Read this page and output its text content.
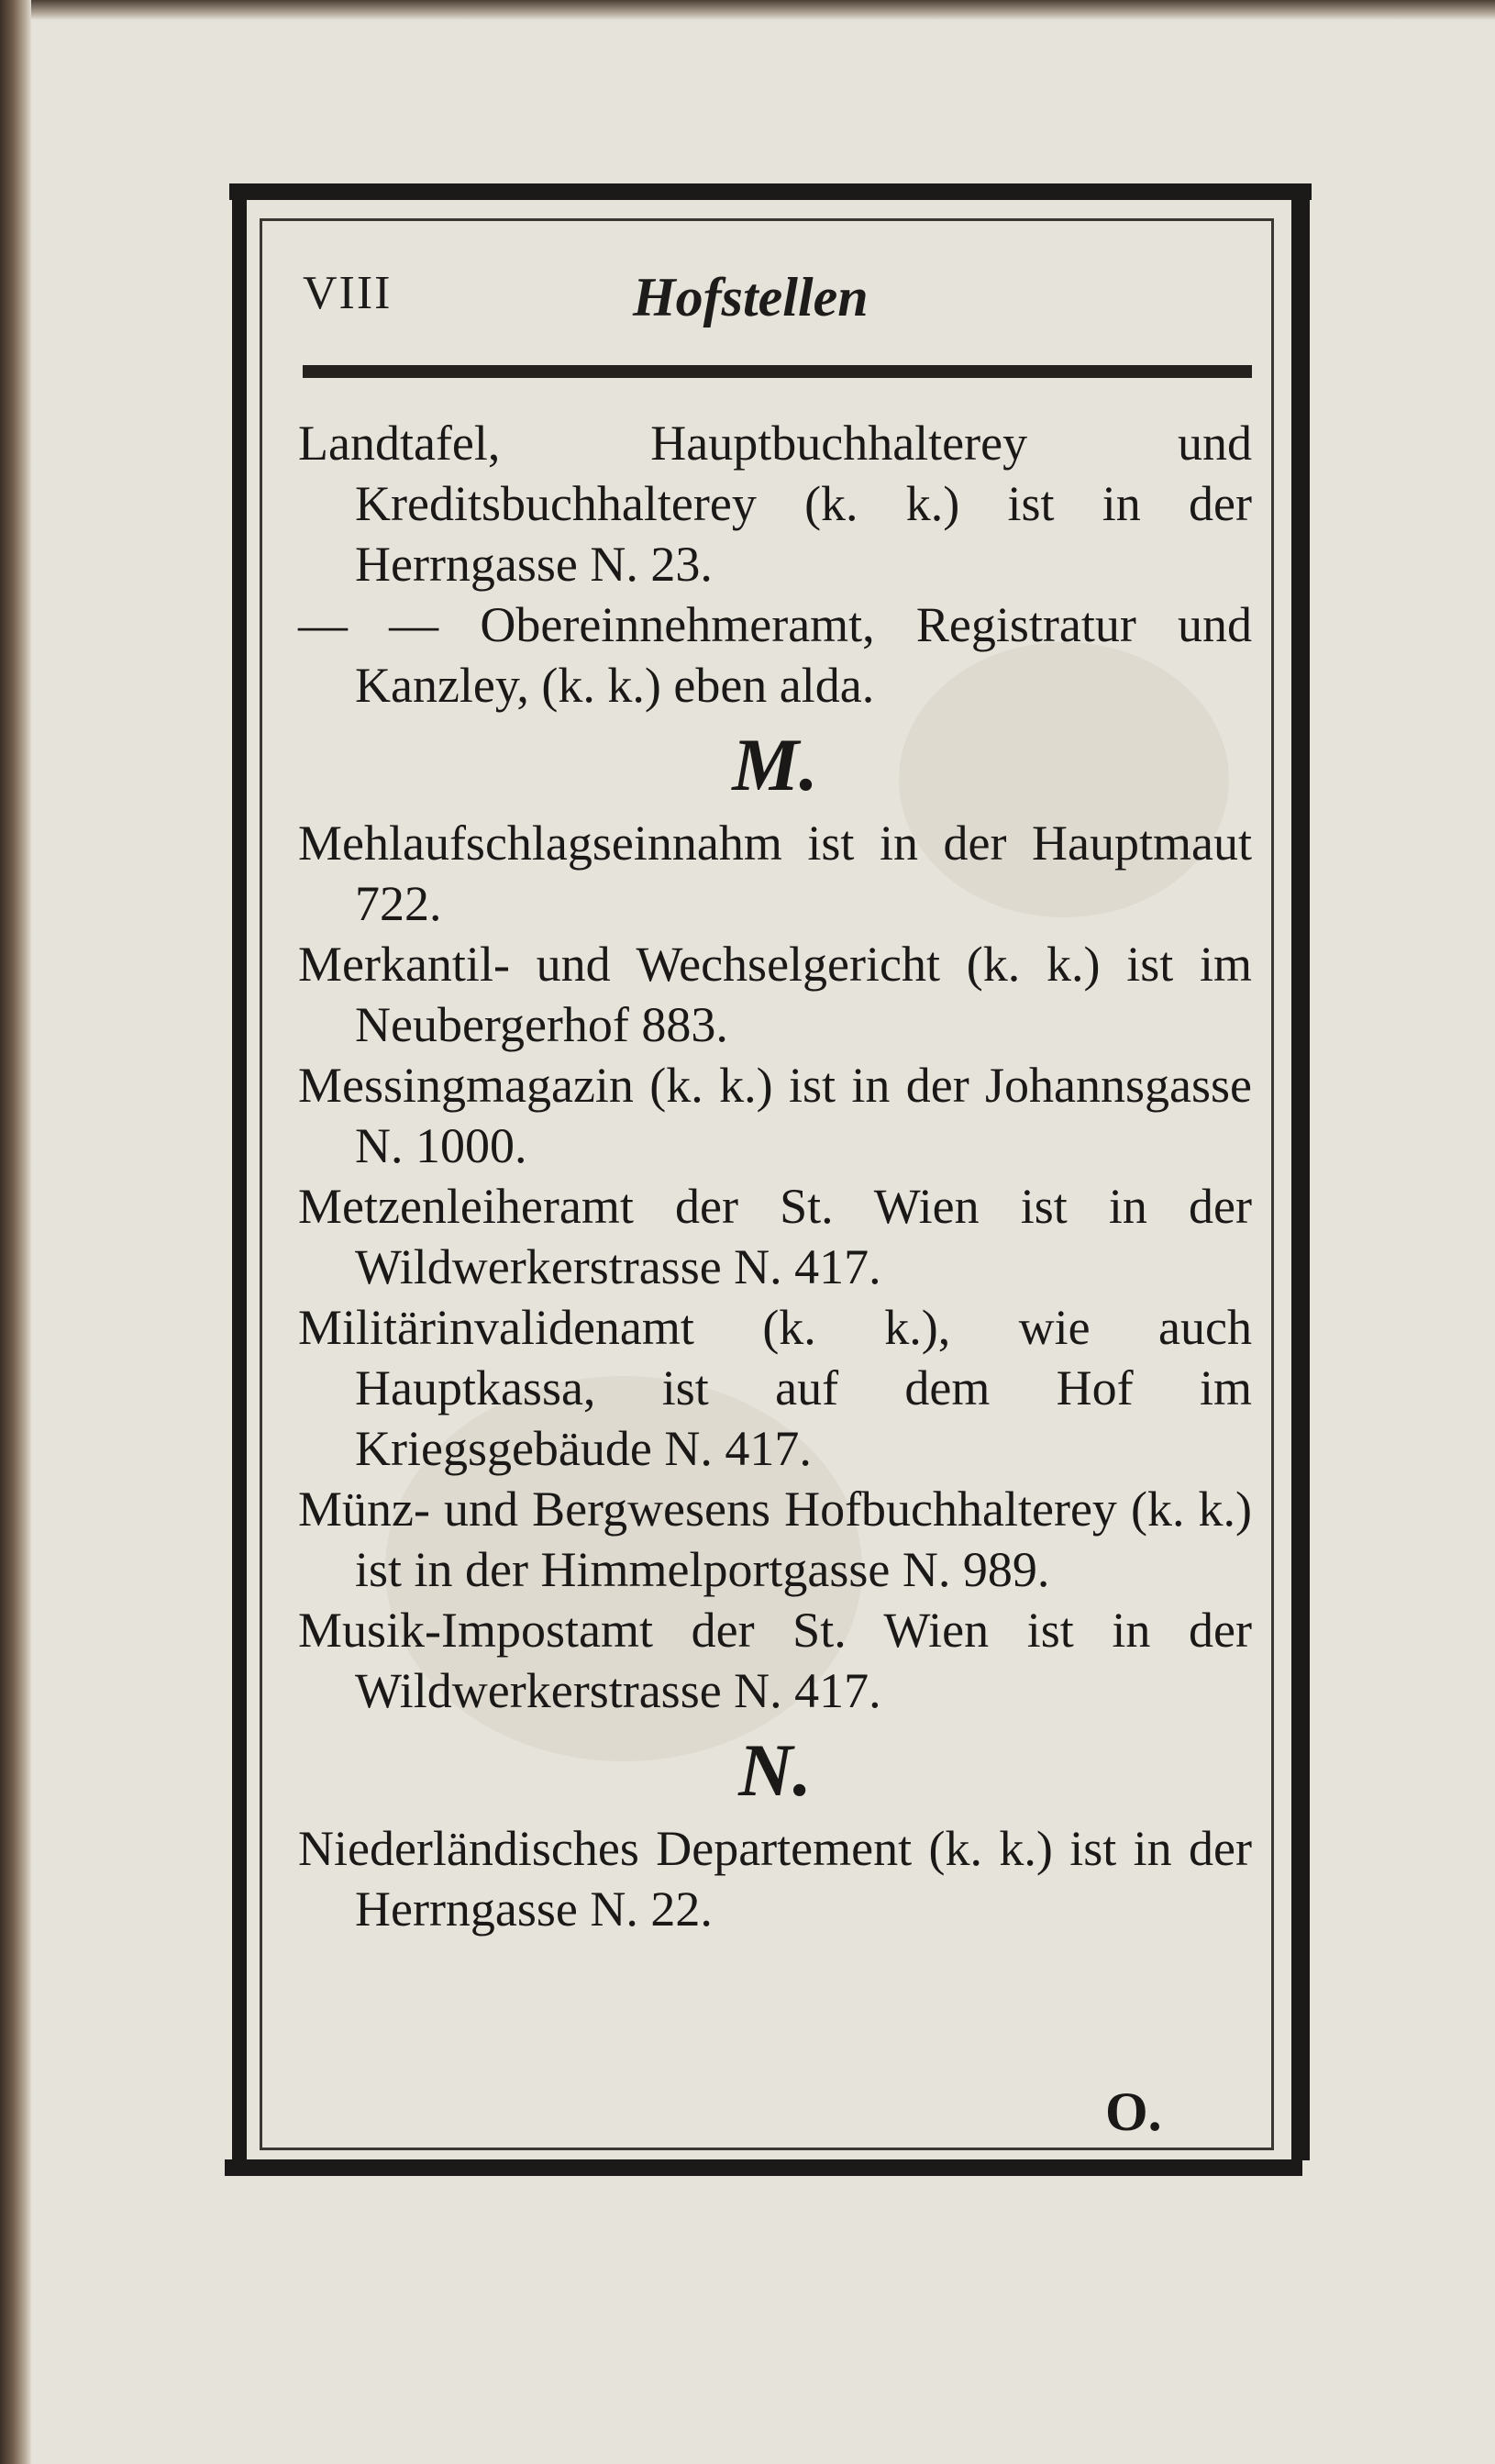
VIII	Hofstellen

Landtafel, Hauptbuchhalterey und Kreditsbuchhalterey (k. k.) ist in der Herrngasse N. 23.

— — Obereinnehmeramt, Registratur und Kanzley, (k. k.) eben alda.

M.

Mehlaufschlagseinnahm ist in der Hauptmaut 722.

Merkantil- und Wechselgericht (k. k.) ist im Neubergerhof 883.

Messingmagazin (k. k.) ist in der Johannsgasse N. 1000.

Metzenleiheramt der St. Wien ist in der Wildwerkerstrasse N. 417.

Militärinvalidenamt (k. k.), wie auch Hauptkassa, ist auf dem Hof im Kriegsgebäude N. 417.

Münz- und Bergwesens Hofbuchhalterey (k. k.) ist in der Himmelportgasse N. 989.

Musik-Impostamt der St. Wien ist in der Wildwerkerstrasse N. 417.

N.

Niederländisches Departement (k. k.) ist in der Herrngasse N. 22.

O.
